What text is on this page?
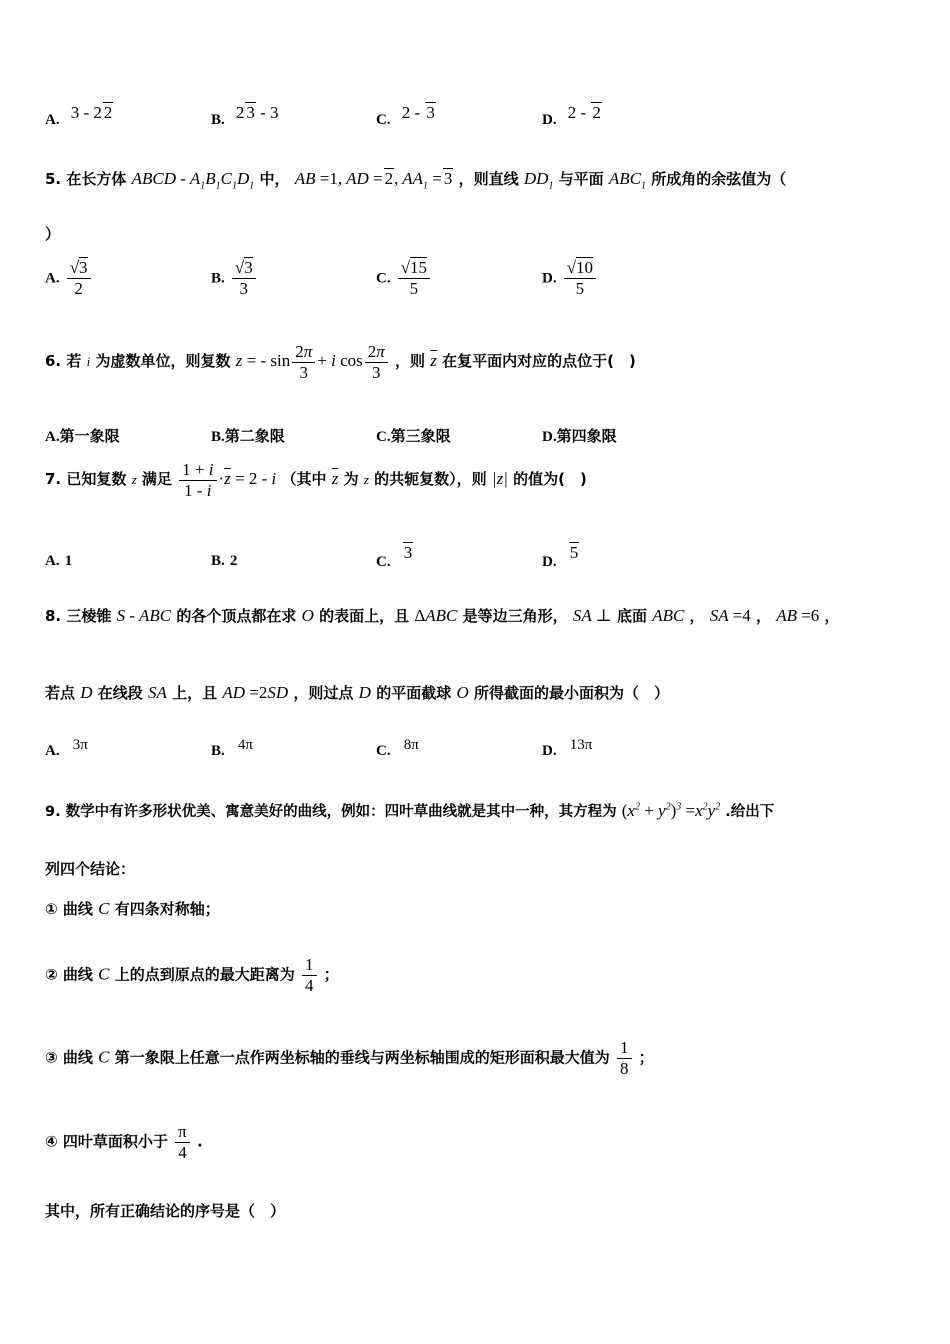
A. 3 - 2 2	B. 2 3 - 3	C. 2 - 3	D. 2 - 2
5. 在长方体 ABCD - $A_1B_1C_1D_1$ 中， AB =1, AD = 2, $AA_1 = 3$ ，则直线 $DD_1$ 与平面 $ABC_1$ 所成角的余弦值为（
）
A. $\frac{√3}{2}$	B. $\frac{√3}{3}$	C. $\frac{√15}{5}$	D. $\frac{√10}{5}$
6. 若 i 为虚数单位，则复数 z = - $\sin \frac{2\pi}{3} + i$ $\cos \frac{2\pi}{3}$ ，则 $\overline{z}$ 在复平面内对应的点位于(　)
A.第一象限	B.第二象限	C.第三象限	D.第四象限
7. 已知复数 z 满足 $\frac{1 + i}{1 - i} \cdot\overline{z} = 2 - i$ （其中 $\overline{z}$ 为 z 的共轭复数），则 |z| 的值为(　)
A. 1	B. 2	C. 3	D. 5
8. 三棱锥 S - ABC 的各个顶点都在求 O 的表面上，且 ΔABC 是等边三角形， SA ⊥ 底面 ABC ， SA =4 ， AB =6 ，
若点 D 在线段 SA 上，且 AD =2SD ，则过点 D 的平面截球 O 所得截面的最小面积为（　）
A. 3π	B. 4π	C. 8π	D. 13π
9. 数学中有许多形状优美、寓意美好的曲线，例如：四叶草曲线就是其中一种，其方程为 $(x^2 + y^2)^3 =x^2y^2$ .给出下
列四个结论：
① 曲线 C 有四条对称轴；
② 曲线 C 上的点到原点的最大距离为 $\frac{1}{4}$ ；
③ 曲线 C 第一象限上任意一点作两坐标轴的垂线与两坐标轴围成的矩形面积最大值为 $\frac{1}{8}$ ；
④ 四叶草面积小于 $\frac{\pi}{4}$ .
其中，所有正确结论的序号是（　）
